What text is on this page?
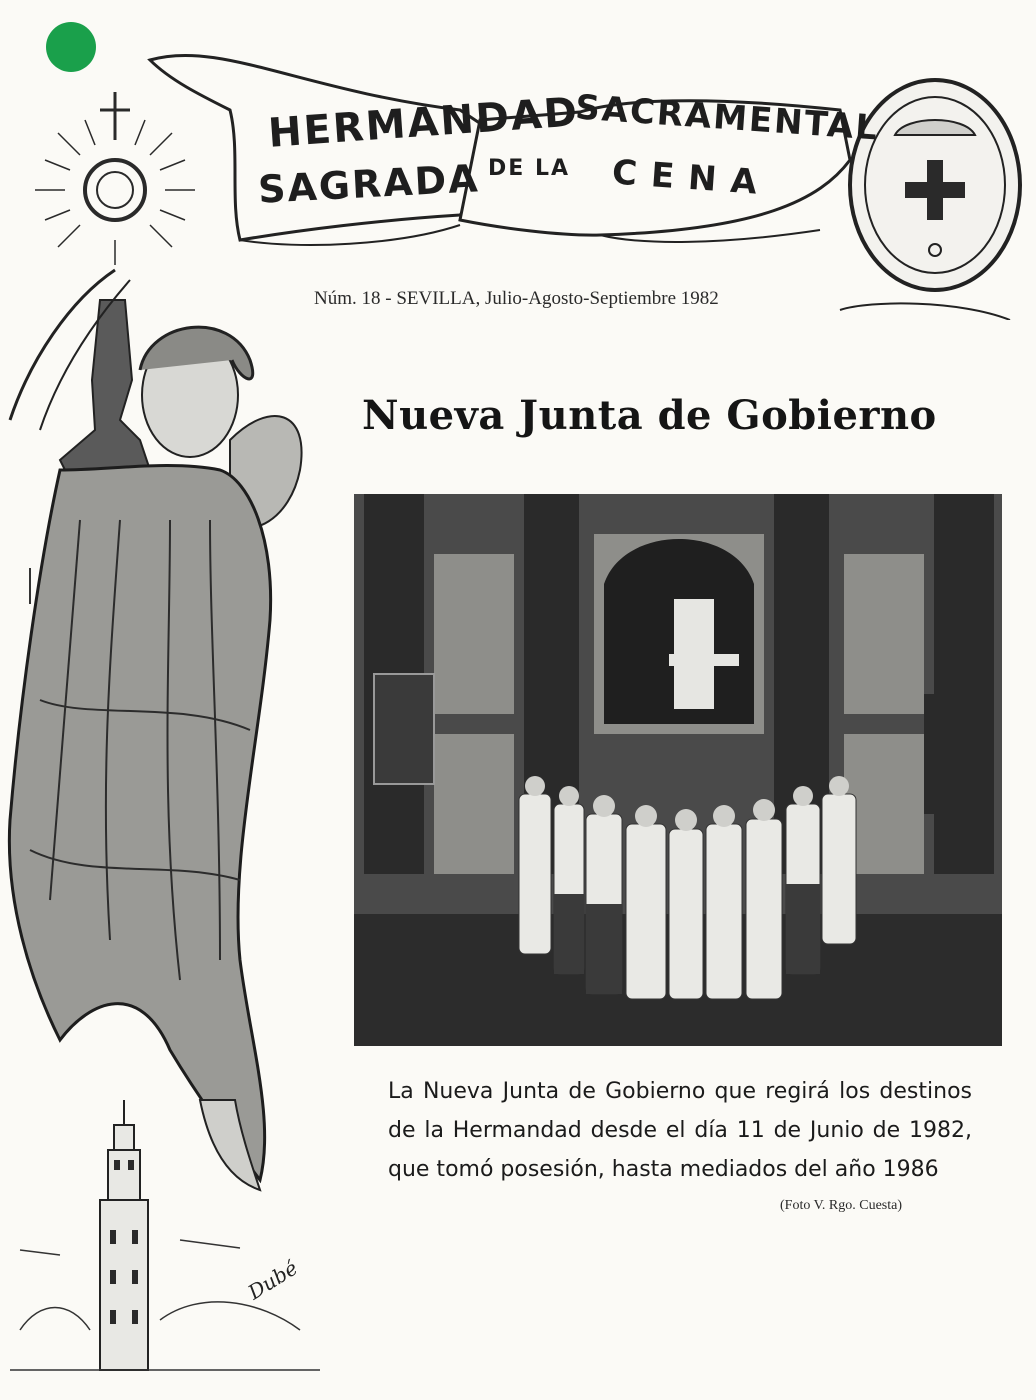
HERMANDAD
SAGRADA DE LA
SACRAMENTAL
CENA
Núm. 18 - SEVILLA, Julio-Agosto-Septiembre 1982
Nueva Junta de Gobierno
La Nueva Junta de Gobierno que regirá los destinos de la Hermandad desde el día 11 de Junio de 1982, que tomó posesión, hasta mediados del año 1986
(Foto V. Rgo. Cuesta)
Dubé
